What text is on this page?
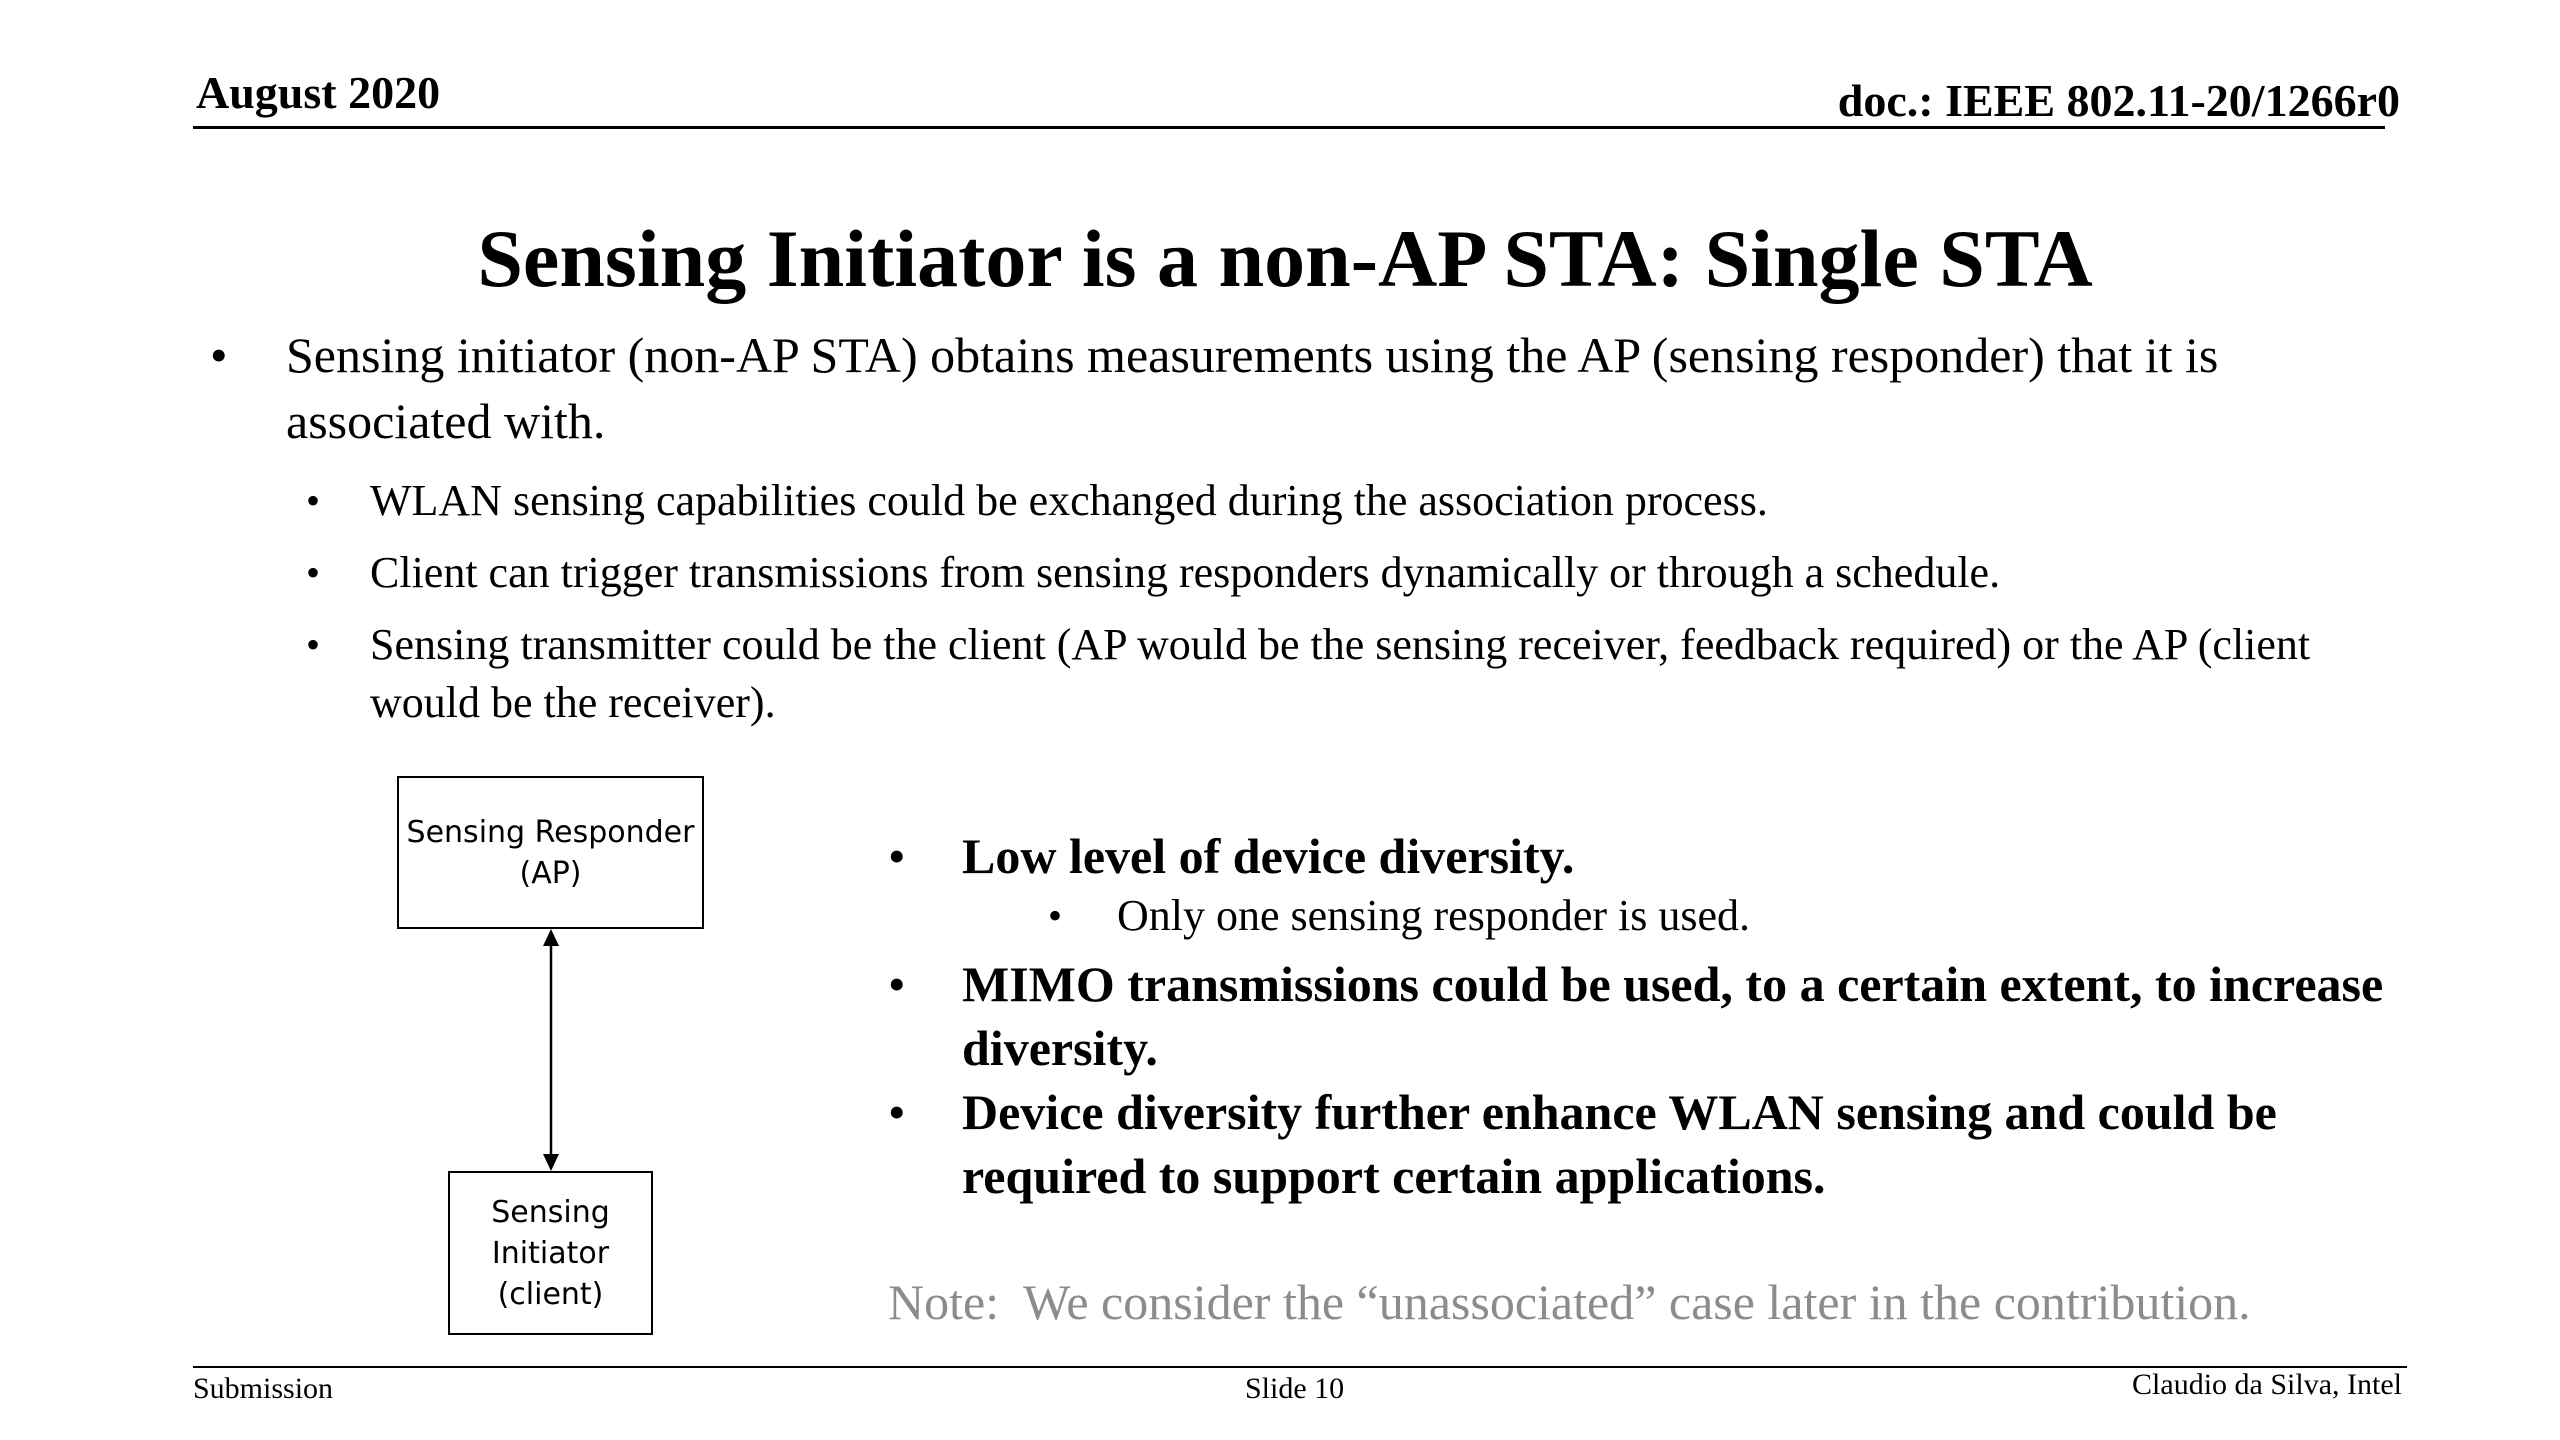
August 2020	doc.: IEEE 802.11-20/1266r0
Sensing Initiator is a non-AP STA: Single STA
• Sensing initiator (non-AP STA) obtains measurements using the AP (sensing responder) that it is associated with.
• WLAN sensing capabilities could be exchanged during the association process.
• Client can trigger transmissions from sensing responders dynamically or through a schedule.
• Sensing transmitter could be the client (AP would be the sensing receiver, feedback required) or the AP (client would be the receiver).
Sensing Responder
(AP)
Sensing
Initiator
(client)
• Low level of device diversity.
• Only one sensing responder is used.
• MIMO transmissions could be used, to a certain extent, to increase diversity.
• Device diversity further enhance WLAN sensing and could be required to support certain applications.
Note:  We consider the “unassociated” case later in the contribution.
Submission	Slide 10	Claudio da Silva, Intel
